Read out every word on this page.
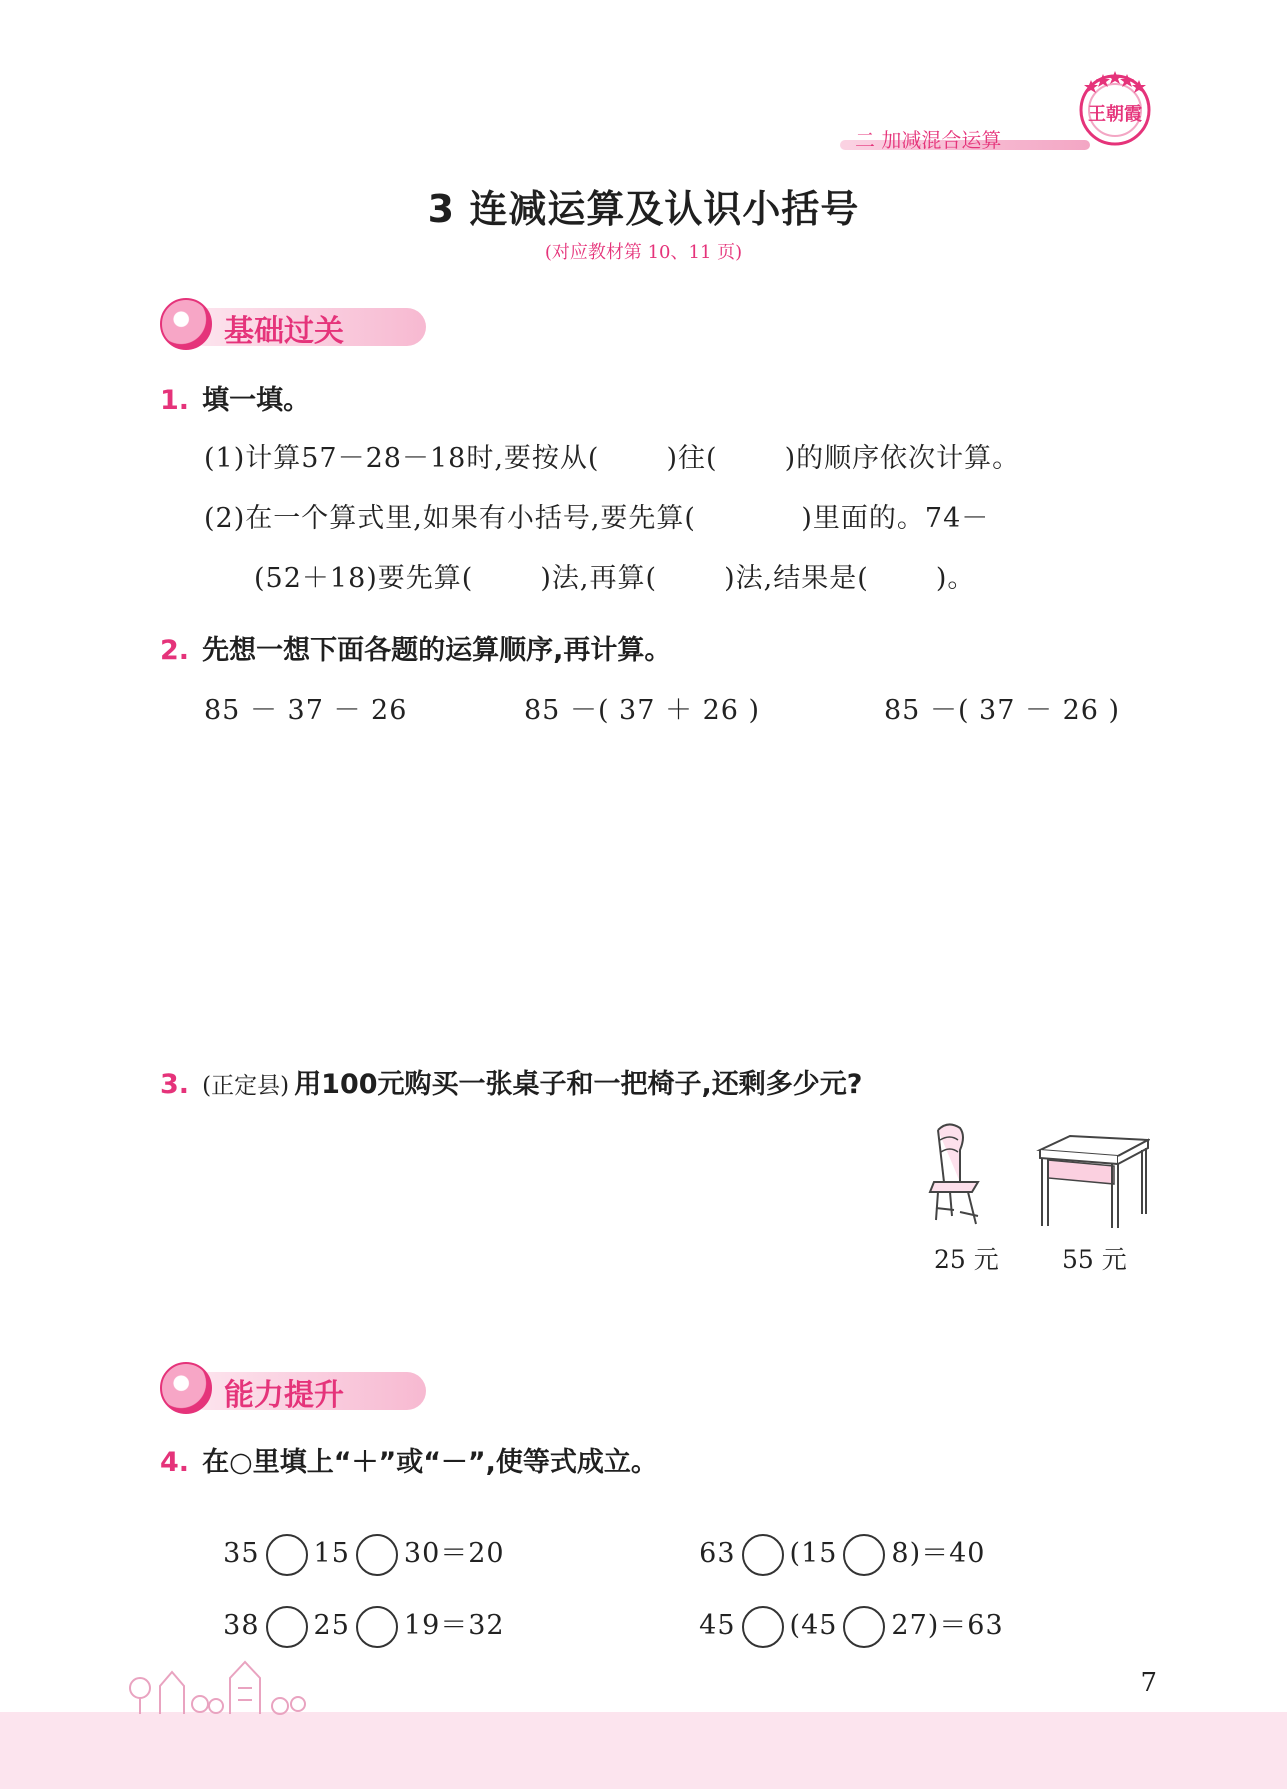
二 加减混合运算
王朝霞
3 连减运算及认识小括号
(对应教材第 10、11 页)
基础过关
1. 填一填。
(1)计算57－28－18时,要按从(       )往(       )的顺序依次计算。
(2)在一个算式里,如果有小括号,要先算(           )里面的。74－
(52＋18)要先算(       )法,再算(       )法,结果是(       )。
2. 先想一想下面各题的运算顺序,再计算。
85 － 37 － 26	85 －( 37 ＋ 26 )	85 －( 37 － 26 )
3. (正定县) 用100元购买一张桌子和一把椅子,还剩多少元?
25 元	55 元
能力提升
4. 在○里填上“＋”或“－”,使等式成立。

35 15 30＝20	63 (15 8)＝40

38 25 19＝32	45 (45 27)＝63

7
